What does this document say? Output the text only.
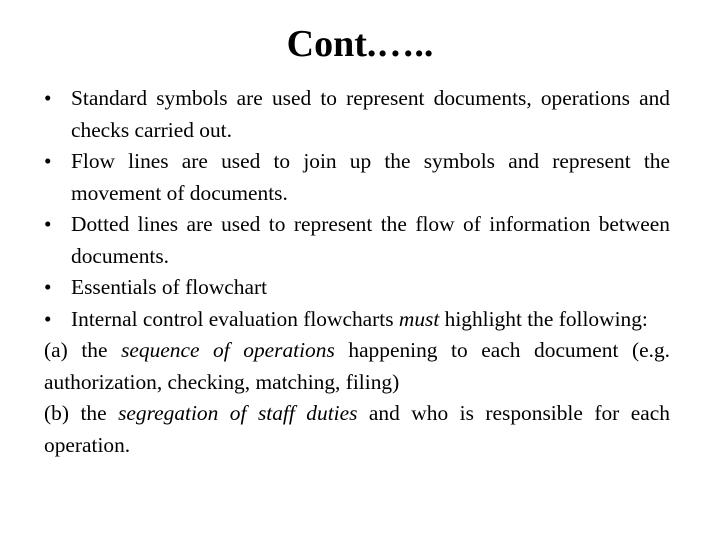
Cont.…..
• Standard symbols are used to represent documents, operations and checks carried out.
• Flow lines are used to join up the symbols and represent the movement of documents.
• Dotted lines are used to represent the flow of information between documents.
• Essentials of flowchart
• Internal control evaluation flowcharts must highlight the following:

(a) the sequence of operations happening to each document (e.g. authorization, checking, matching, filing)

(b) the segregation of staff duties and who is responsible for each operation.
